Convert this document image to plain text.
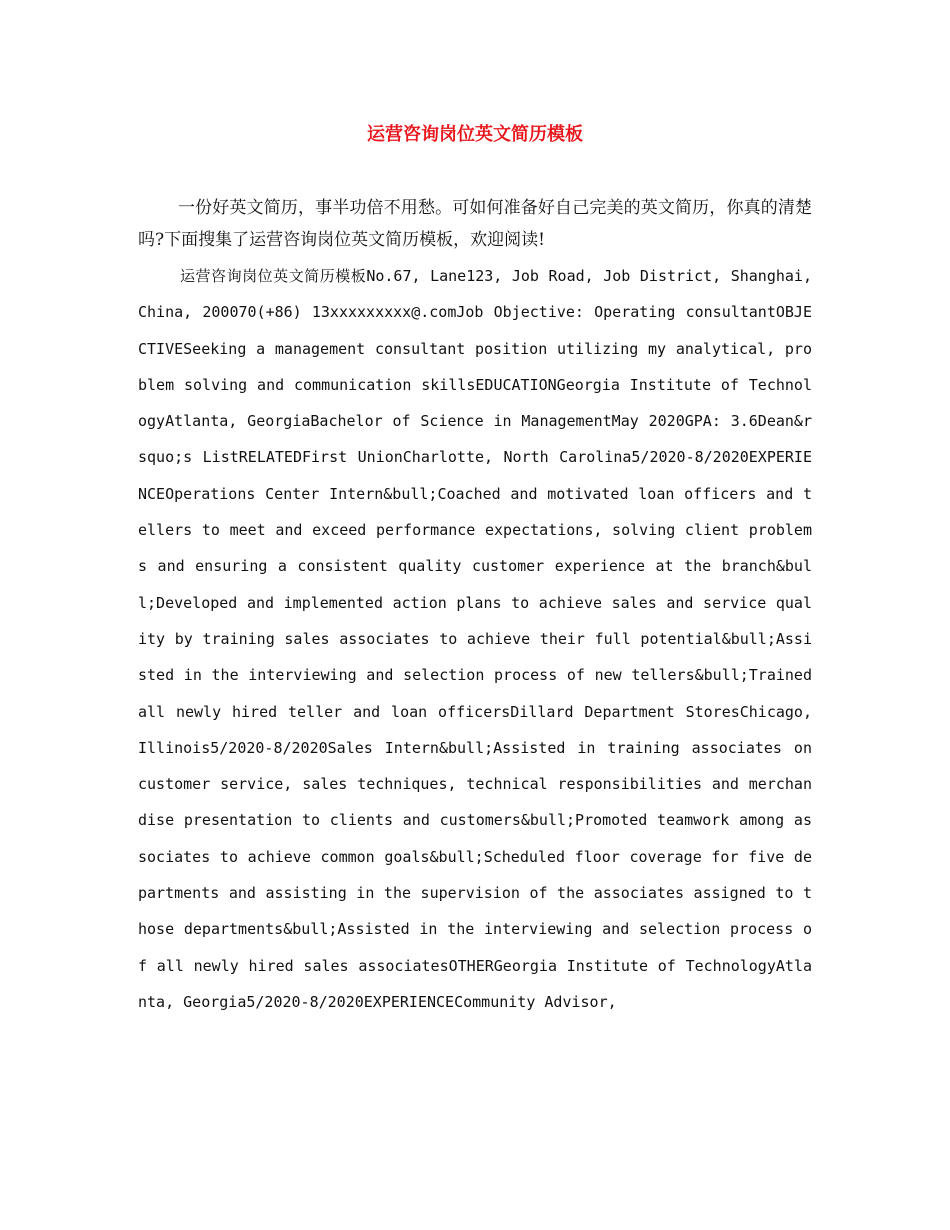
运营咨询岗位英文简历模板

一份好英文简历，事半功倍不用愁。可如何准备好自己完美的英文简历，你真的清楚吗?下面搜集了运营咨询岗位英文简历模板，欢迎阅读!

运营咨询岗位英文简历模板No.67, Lane123, Job Road, Job District, Shanghai, China, 200070(+86) 13xxxxxxxxx@.comJob Objective: Operating consultantOBJECTIVESeeking a management consultant position utilizing my analytical, problem solving and communication skillsEDUCATIONGeorgia Institute of TechnologyAtlanta, GeorgiaBachelor of Science in ManagementMay 2020GPA: 3.6Dean&rsquo;s ListRELATEDFirst UnionCharlotte, North Carolina5/2020-8/2020EXPERIENCEOperations Center Intern&bull;Coached and motivated loan officers and tellers to meet and exceed performance expectations, solving client problems and ensuring a consistent quality customer experience at the branch&bull;Developed and implemented action plans to achieve sales and service quality by training sales associates to achieve their full potential&bull;Assisted in the interviewing and selection process of new tellers&bull;Trained all newly hired teller and loan officersDillard Department StoresChicago, Illinois5/2020-8/2020Sales Intern&bull;Assisted in training associates on customer service, sales techniques, technical responsibilities and merchandise presentation to clients and customers&bull;Promoted teamwork among associates to achieve common goals&bull;Scheduled floor coverage for five departments and assisting in the supervision of the associates assigned to those departments&bull;Assisted in the interviewing and selection process of all newly hired sales associatesOTHERGeorgia Institute of TechnologyAtlanta, Georgia5/2020-8/2020EXPERIENCECommunity Advisor,
